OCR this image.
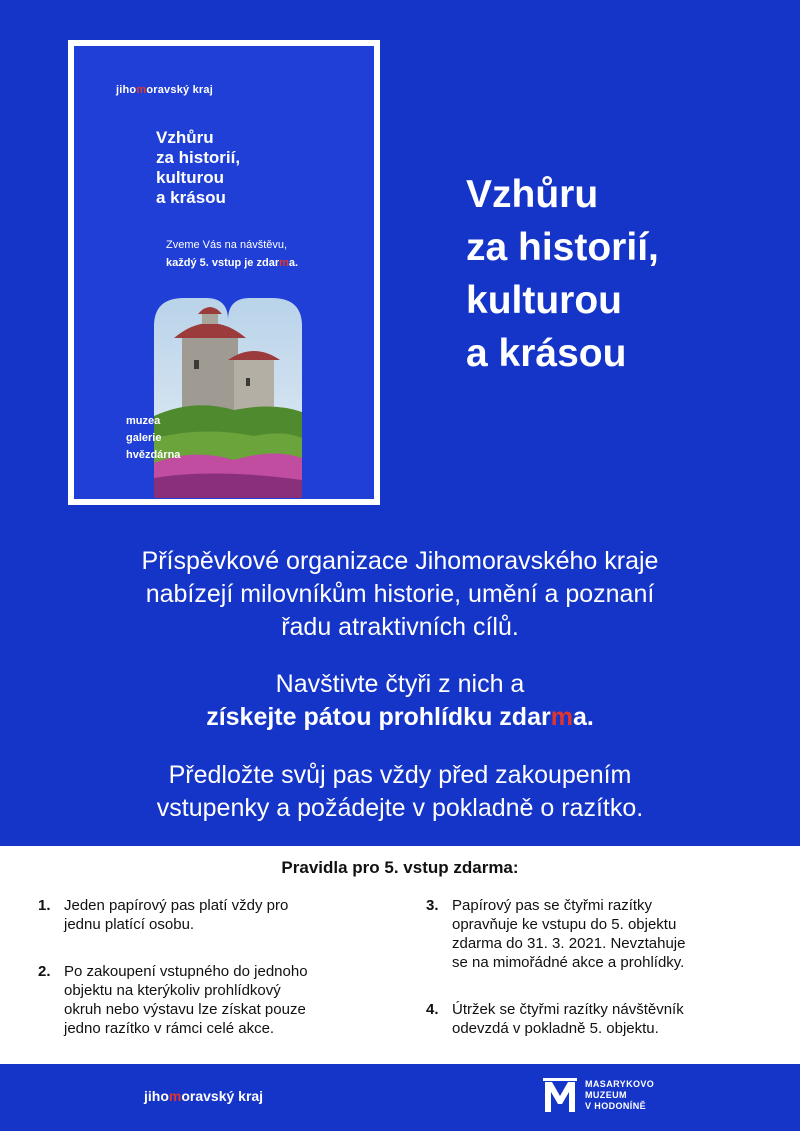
jihomoravský kraj
Vzhůru
za historií,
kulturou
a krásou
Zveme Vás na návštěvu,
každý 5. vstup je zdarma.
muzea
galerie
hvězdárna
Vzhůru
za historií,
kulturou
a krásou
Příspěvkové organizace Jihomoravského kraje
nabízejí milovníkům historie, umění a poznaní
řadu atraktivních cílů.
Navštivte čtyři z nich a
získejte pátou prohlídku zdarma.
Předložte svůj pas vždy před zakoupením
vstupenky a požádejte v pokladně o razítko.
Pravidla pro 5. vstup zdarma:
1. Jeden papírový pas platí vždy pro
jednu platící osobu.
2. Po zakoupení vstupného do jednoho
objektu na kterýkoliv prohlídkový
okruh nebo výstavu lze získat pouze
jedno razítko v rámci celé akce.
3. Papírový pas se čtyřmi razítky
opravňuje ke vstupu do 5. objektu
zdarma do 31. 3. 2021. Nevztahuje
se na mimořádné akce a prohlídky.
4. Útržek se čtyřmi razítky návštěvník
odevzdá v pokladně 5. objektu.
jihomoravský kraj
MASARYKOVO
MUZEUM
V HODONÍNĚ
